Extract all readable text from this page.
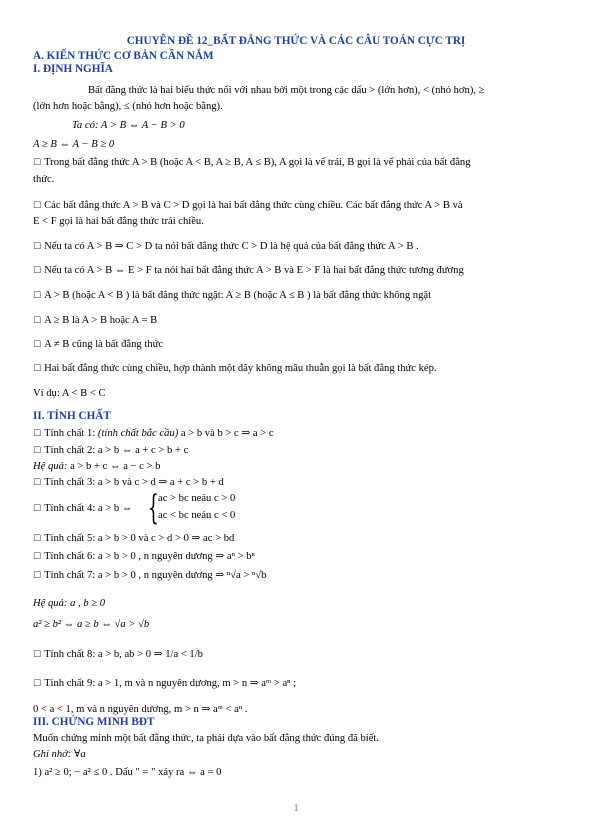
CHUYÊN ĐỀ 12_BẤT ĐẲNG THỨC VÀ CÁC CÂU TOÁN CỰC TRỊ
A. KIẾN THỨC CƠ BẢN CẦN NẮM
I. ĐỊNH NGHĨA
Bất đẳng thức là hai biểu thức nối với nhau bởi một trong các dấu > (lớn hơn), < (nhỏ hơn), ≥
(lớn hơn hoặc bằng), ≤ (nhỏ hơn hoặc bằng).
Ta có: A > B ⇔ A − B > 0
A ≥ B ⇔ A − B ≥ 0
☐ Trong bất đẳng thức A > B (hoặc A < B, A ≥ B, A ≤ B), A gọi là vế trái, B gọi là vế phải của bất đẳng
thức.
☐ Các bất đẳng thức A > B và C > D gọi là hai bất đẳng thức cùng chiều. Các bất đẳng thức A > B và
E < F gọi là hai bất đẳng thức trái chiều.
☐ Nếu ta có A > B ⇒ C > D ta nói bất đẳng thức C > D là hệ quả của bất đẳng thức A > B .
☐ Nếu ta có A > B ⇔ E > F ta nói hai bất đẳng thức A > B và E > F là hai bất đẳng thức tương đương
☐ A > B (hoặc A < B ) là bất đẳng thức ngặt: A ≥ B (hoặc A ≤ B ) là bất đẳng thức không ngặt
☐ A ≥ B là A > B hoặc A = B
☐ A ≠ B cũng là bất đẳng thức
☐ Hai bất đẳng thức cùng chiều, hợp thành một dãy không mâu thuẫn gọi là bất đẳng thức kép.
Ví dụ: A < B < C
II. TÍNH CHẤT
☐ Tính chất 1: (tính chất bắc cầu) a > b và b > c ⇒ a > c
☐ Tính chất 2: a > b ⇔ a + c > b + c
Hệ quả: a > b + c ⇔ a − c > b
☐ Tính chất 3: a > b và c > d ⇒ a + c > b + d
☐ Tính chất 4: a > b ⇔ { ac > bc neáu c > 0
ac < bc neáu c < 0
☐ Tính chất 5: a > b > 0 và c > d > 0 ⇒ ac > bd
☐ Tính chất 6: a > b > 0 , n nguyên dương ⇒ aⁿ > bⁿ
☐ Tính chất 7: a > b > 0 , n nguyên dương ⇒ ⁿ√a > ⁿ√b
Hệ quả: a , b ≥ 0
a² ≥ b² ⇔ a ≥ b ⇔ √a > √b
☐ Tính chất 8: a > b, ab > 0 ⇒ 1/a < 1/b
☐ Tính chất 9: a > 1, m và n nguyên dương, m > n ⇒ aᵐ > aⁿ ;
0 < a < 1, m và n nguyên dương, m > n ⇒ aᵐ < aⁿ .
III. CHỨNG MINH BĐT
Muốn chứng minh một bất đẳng thức, ta phải dựa vào bất đẳng thức đúng đã biết.
Ghi nhớ: ∀a
1) a² ≥ 0; − a² ≤ 0 . Dấu " = " xảy ra ⇔ a = 0
1
